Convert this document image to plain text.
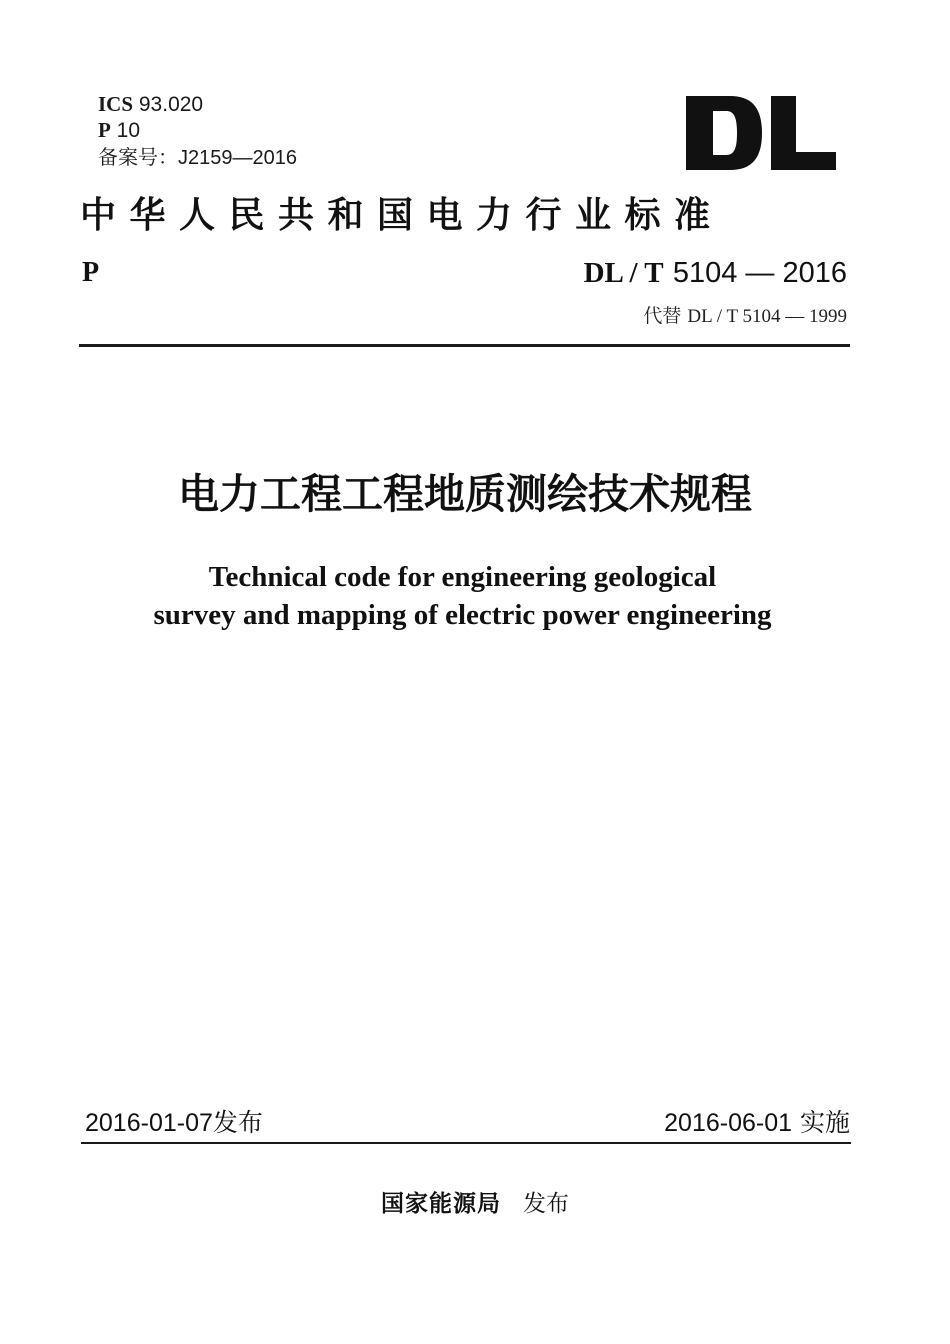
ICS 93.020
P 10
备案号：J2159—2016
中华人民共和国电力行业标准
P	DL / T 5104 — 2016
代替 DL / T 5104 — 1999
电力工程工程地质测绘技术规程
Technical code for engineering geological
survey and mapping of electric power engineering
2016-01-07发布	2016-06-01 实施
国家能源局 发布
